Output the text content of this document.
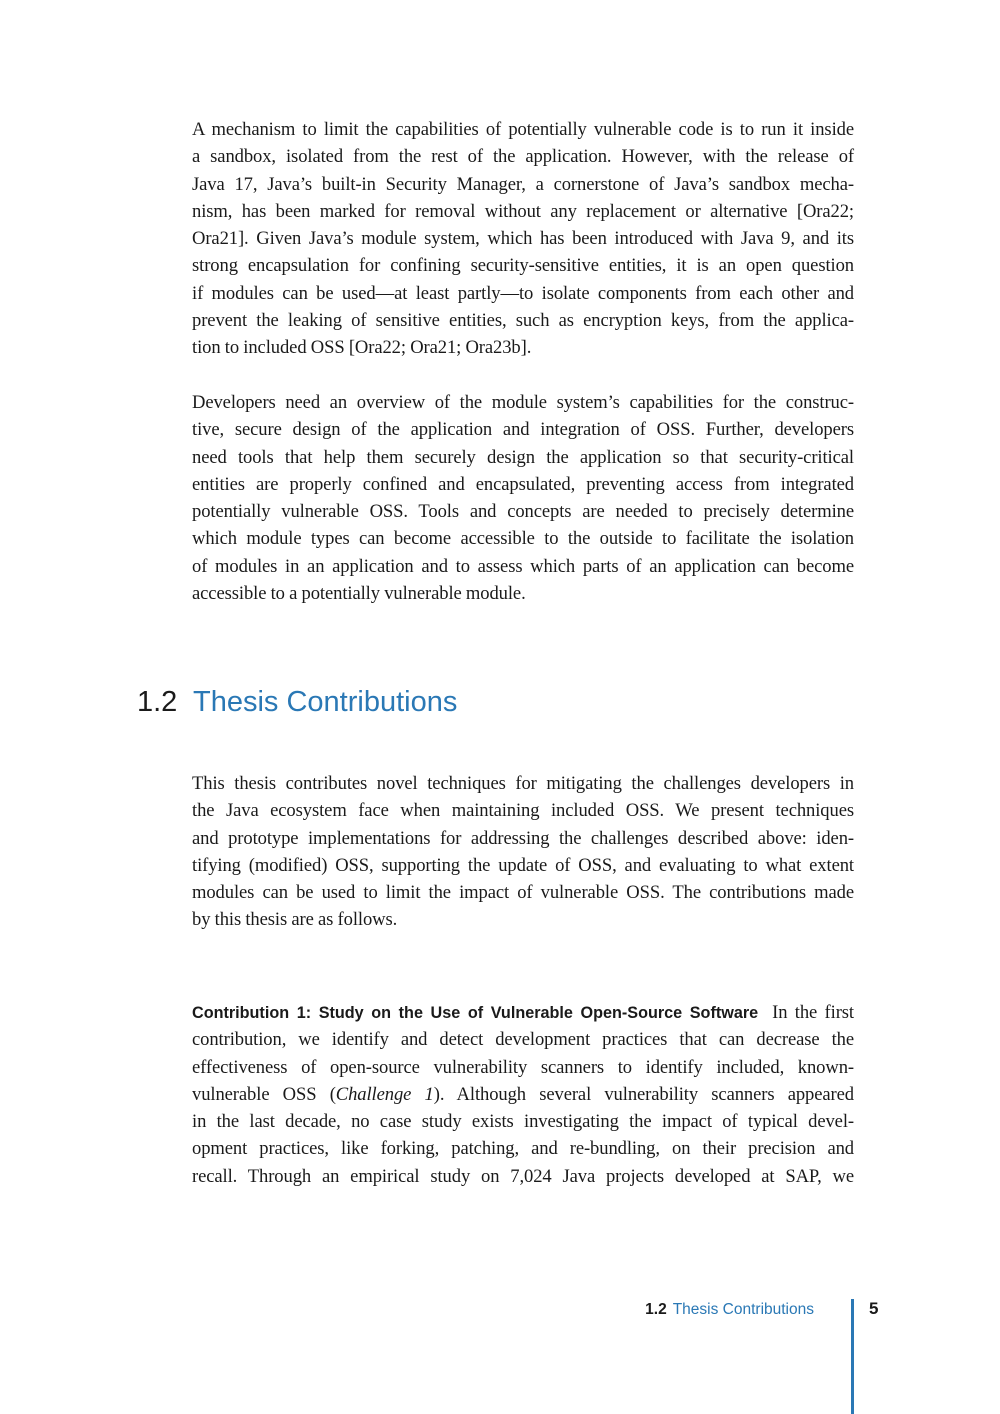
A mechanism to limit the capabilities of potentially vulnerable code is to run it inside
a sandbox, isolated from the rest of the application. However, with the release of
Java 17, Java’s built-in Security Manager, a cornerstone of Java’s sandbox mecha-
nism, has been marked for removal without any replacement or alternative [Ora22;
Ora21]. Given Java’s module system, which has been introduced with Java 9, and its
strong encapsulation for confining security-sensitive entities, it is an open question
if modules can be used—at least partly—to isolate components from each other and
prevent the leaking of sensitive entities, such as encryption keys, from the applica-
tion to included OSS [Ora22; Ora21; Ora23b].

Developers need an overview of the module system’s capabilities for the construc-
tive, secure design of the application and integration of OSS. Further, developers
need tools that help them securely design the application so that security-critical
entities are properly confined and encapsulated, preventing access from integrated
potentially vulnerable OSS. Tools and concepts are needed to precisely determine
which module types can become accessible to the outside to facilitate the isolation
of modules in an application and to assess which parts of an application can become
accessible to a potentially vulnerable module.

1.2 Thesis Contributions

This thesis contributes novel techniques for mitigating the challenges developers in
the Java ecosystem face when maintaining included OSS. We present techniques
and prototype implementations for addressing the challenges described above: iden-
tifying (modified) OSS, supporting the update of OSS, and evaluating to what extent
modules can be used to limit the impact of vulnerable OSS. The contributions made
by this thesis are as follows.

Contribution 1: Study on the Use of Vulnerable Open-Source Software In the first
contribution, we identify and detect development practices that can decrease the
effectiveness of open-source vulnerability scanners to identify included, known-
vulnerable OSS (Challenge 1). Although several vulnerability scanners appeared
in the last decade, no case study exists investigating the impact of typical devel-
opment practices, like forking, patching, and re-bundling, on their precision and
recall. Through an empirical study on 7,024 Java projects developed at SAP, we

1.2 Thesis Contributions	5
